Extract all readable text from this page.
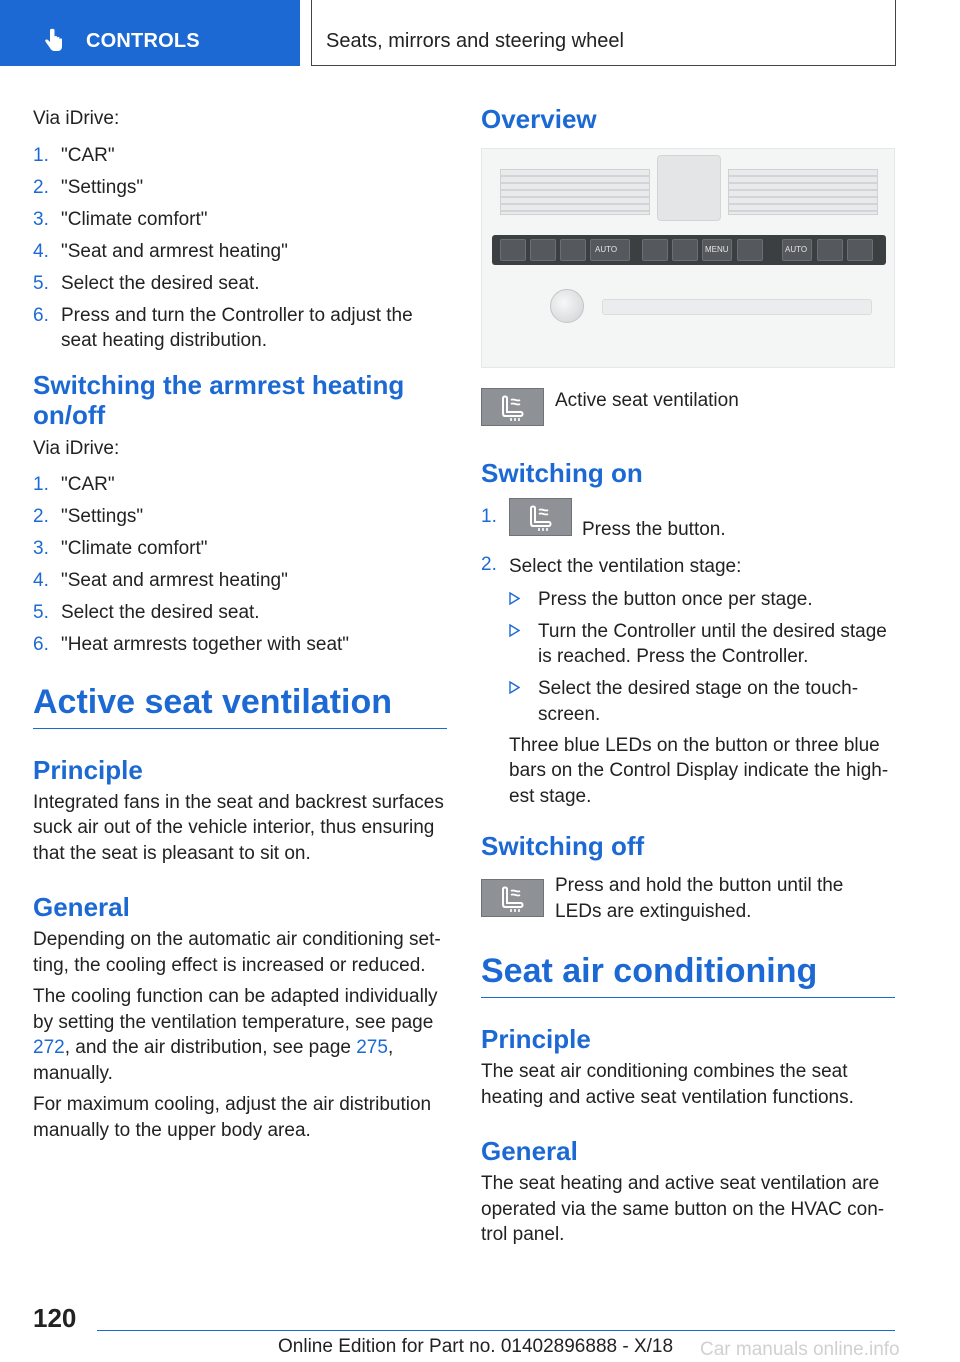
CONTROLS	Seats, mirrors and steering wheel

Via iDrive:

1. "CAR"
2. "Settings"
3. "Climate comfort"
4. "Seat and armrest heating"
5. Select the desired seat.
6. Press and turn the Controller to adjust the seat heating distribution.
Switching the armrest heating on/off

Via iDrive:

1. "CAR"
2. "Settings"
3. "Climate comfort"
4. "Seat and armrest heating"
5. Select the desired seat.
6. "Heat armrests together with seat"
Active seat ventilation
Principle

Integrated fans in the seat and backrest surfaces suck air out of the vehicle interior, thus ensuring that the seat is pleasant to sit on.

General

Depending on the automatic air conditioning set‐ting, the cooling effect is increased or reduced.

The cooling function can be adapted individually by setting the ventilation temperature, see page 272, and the air distribution, see page 275, manually.

For maximum cooling, adjust the air distribution manually to the upper body area.

Overview
AUTO	MENU	AUTO

Active seat ventilation

Switching on
1.
Press the button.
2. Select the ventilation stage:

Press the button once per stage.
Turn the Controller until the desired stage is reached. Press the Controller.
Select the desired stage on the touch‐screen.

Three blue LEDs on the button or three blue bars on the Control Display indicate the high‐est stage.

Switching off

Press and hold the button until the LEDs are extinguished.

Seat air conditioning
Principle

The seat air conditioning combines the seat heating and active seat ventilation functions.

General

The seat heating and active seat ventilation are operated via the same button on the HVAC con‐trol panel.

120
Online Edition for Part no. 01402896888 - X/18 Car manuals online.info
